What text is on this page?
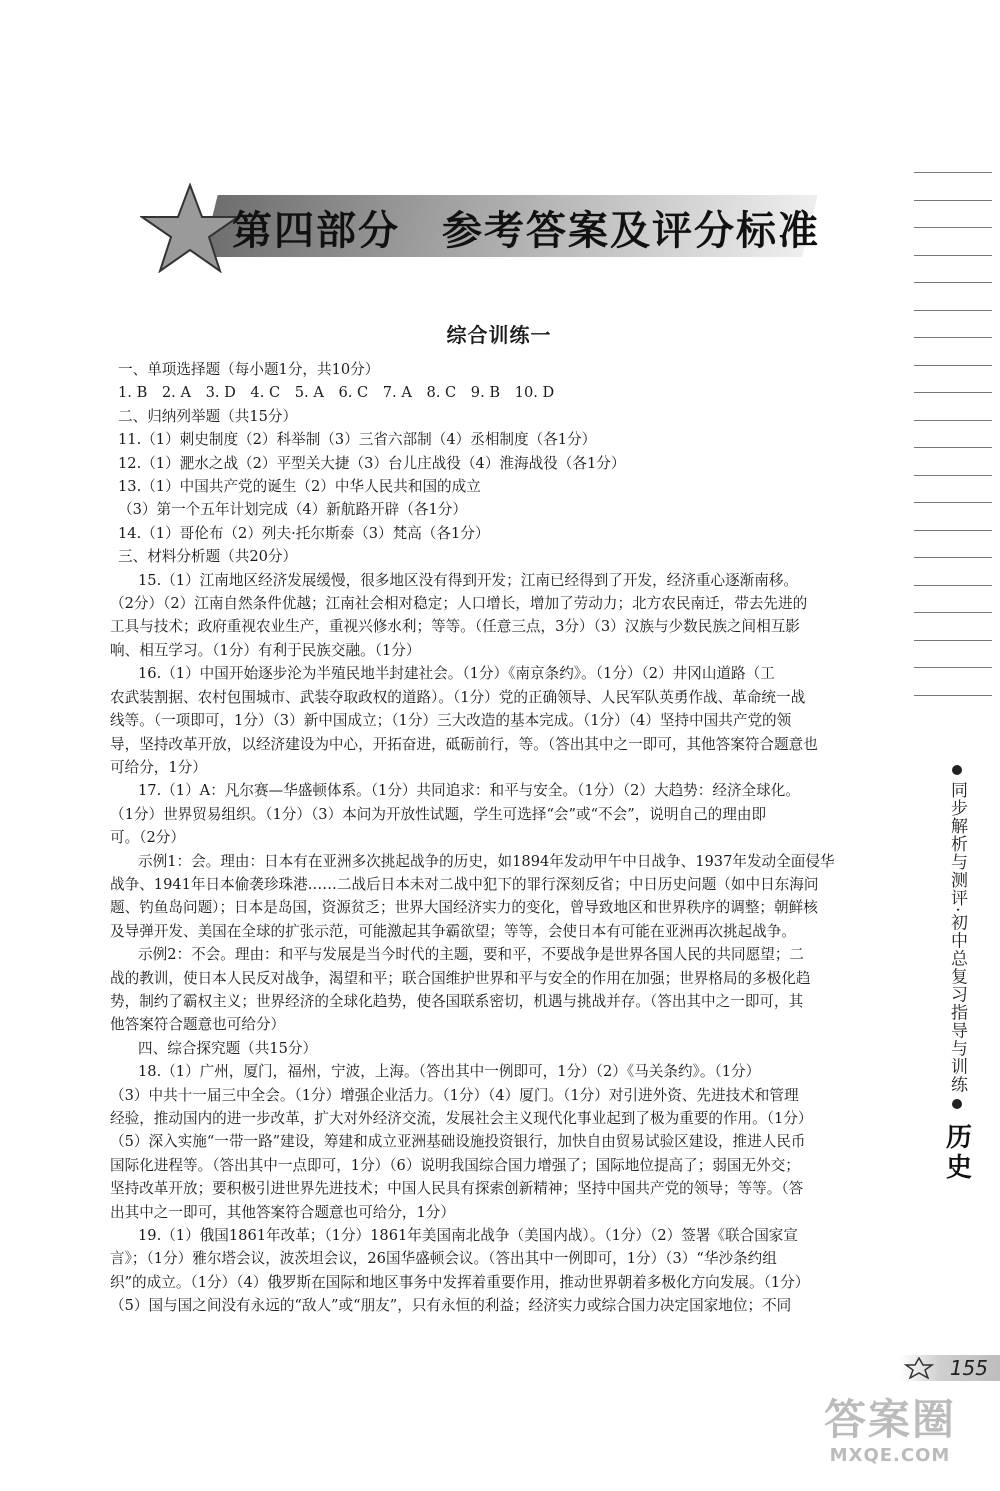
第四部分　参考答案及评分标准
同步解析与测评·初中总复习指导与训练
历史
155
答案圈
MXQE.COM
综合训练一
一、单项选择题（每小题1分，共10分）
1. B　2. A　3. D　4. C　5. A　6. C　7. A　8. C　9. B　10. D
二、归纳列举题（共15分）
11.（1）刺史制度（2）科举制（3）三省六部制（4）丞相制度（各1分）
12.（1）淝水之战（2）平型关大捷（3）台儿庄战役（4）淮海战役（各1分）
13.（1）中国共产党的诞生（2）中华人民共和国的成立
（3）第一个五年计划完成（4）新航路开辟（各1分）
14.（1）哥伦布（2）列夫·托尔斯泰（3）梵高（各1分）
三、材料分析题（共20分）
15.（1）江南地区经济发展缓慢，很多地区没有得到开发；江南已经得到了开发，经济重心逐渐南移。
（2分）（2）江南自然条件优越；江南社会相对稳定；人口增长，增加了劳动力；北方农民南迁，带去先进的
工具与技术；政府重视农业生产，重视兴修水利；等等。（任意三点，3分）（3）汉族与少数民族之间相互影
响、相互学习。（1分）有利于民族交融。（1分）
16.（1）中国开始逐步沦为半殖民地半封建社会。（1分）《南京条约》。（1分）（2）井冈山道路（工
农武装割据、农村包围城市、武装夺取政权的道路）。（1分）党的正确领导、人民军队英勇作战、革命统一战
线等。（一项即可，1分）（3）新中国成立；（1分）三大改造的基本完成。（1分）（4）坚持中国共产党的领
导，坚持改革开放，以经济建设为中心，开拓奋进，砥砺前行，等。（答出其中之一即可，其他答案符合题意也
可给分，1分）
17.（1）A：凡尔赛—华盛顿体系。（1分）共同追求：和平与安全。（1分）（2）大趋势：经济全球化。
（1分）世界贸易组织。（1分）（3）本问为开放性试题，学生可选择“会”或“不会”，说明自己的理由即
可。（2分）
示例1：会。理由：日本有在亚洲多次挑起战争的历史，如1894年发动甲午中日战争、1937年发动全面侵华
战争、1941年日本偷袭珍珠港……二战后日本未对二战中犯下的罪行深刻反省；中日历史问题（如中日东海问
题、钓鱼岛问题）；日本是岛国，资源贫乏；世界大国经济实力的变化，曾导致地区和世界秩序的调整；朝鲜核
及导弹开发、美国在全球的扩张示范，可能激起其争霸欲望；等等，会使日本有可能在亚洲再次挑起战争。
示例2：不会。理由：和平与发展是当今时代的主题，要和平，不要战争是世界各国人民的共同愿望；二
战的教训，使日本人民反对战争，渴望和平；联合国维护世界和平与安全的作用在加强；世界格局的多极化趋
势，制约了霸权主义；世界经济的全球化趋势，使各国联系密切，机遇与挑战并存。（答出其中之一即可，其
他答案符合题意也可给分）
四、综合探究题（共15分）
18.（1）广州，厦门，福州，宁波，上海。（答出其中一例即可，1分）（2）《马关条约》。（1分）
（3）中共十一届三中全会。（1分）增强企业活力。（1分）（4）厦门。（1分）对引进外资、先进技术和管理
经验，推动国内的进一步改革，扩大对外经济交流，发展社会主义现代化事业起到了极为重要的作用。（1分）
（5）深入实施“一带一路”建设，筹建和成立亚洲基础设施投资银行，加快自由贸易试验区建设，推进人民币
国际化进程等。（答出其中一点即可，1分）（6）说明我国综合国力增强了；国际地位提高了；弱国无外交；
坚持改革开放；要积极引进世界先进技术；中国人民具有探索创新精神；坚持中国共产党的领导；等等。（答
出其中之一即可，其他答案符合题意也可给分，1分）
19.（1）俄国1861年改革；（1分）1861年美国南北战争（美国内战）。（1分）（2）签署《联合国家宣
言》；（1分）雅尔塔会议，波茨坦会议，26国华盛顿会议。（答出其中一例即可，1分）（3）“华沙条约组
织”的成立。（1分）（4）俄罗斯在国际和地区事务中发挥着重要作用，推动世界朝着多极化方向发展。（1分）
（5）国与国之间没有永远的“敌人”或“朋友”，只有永恒的利益；经济实力或综合国力决定国家地位；不同
